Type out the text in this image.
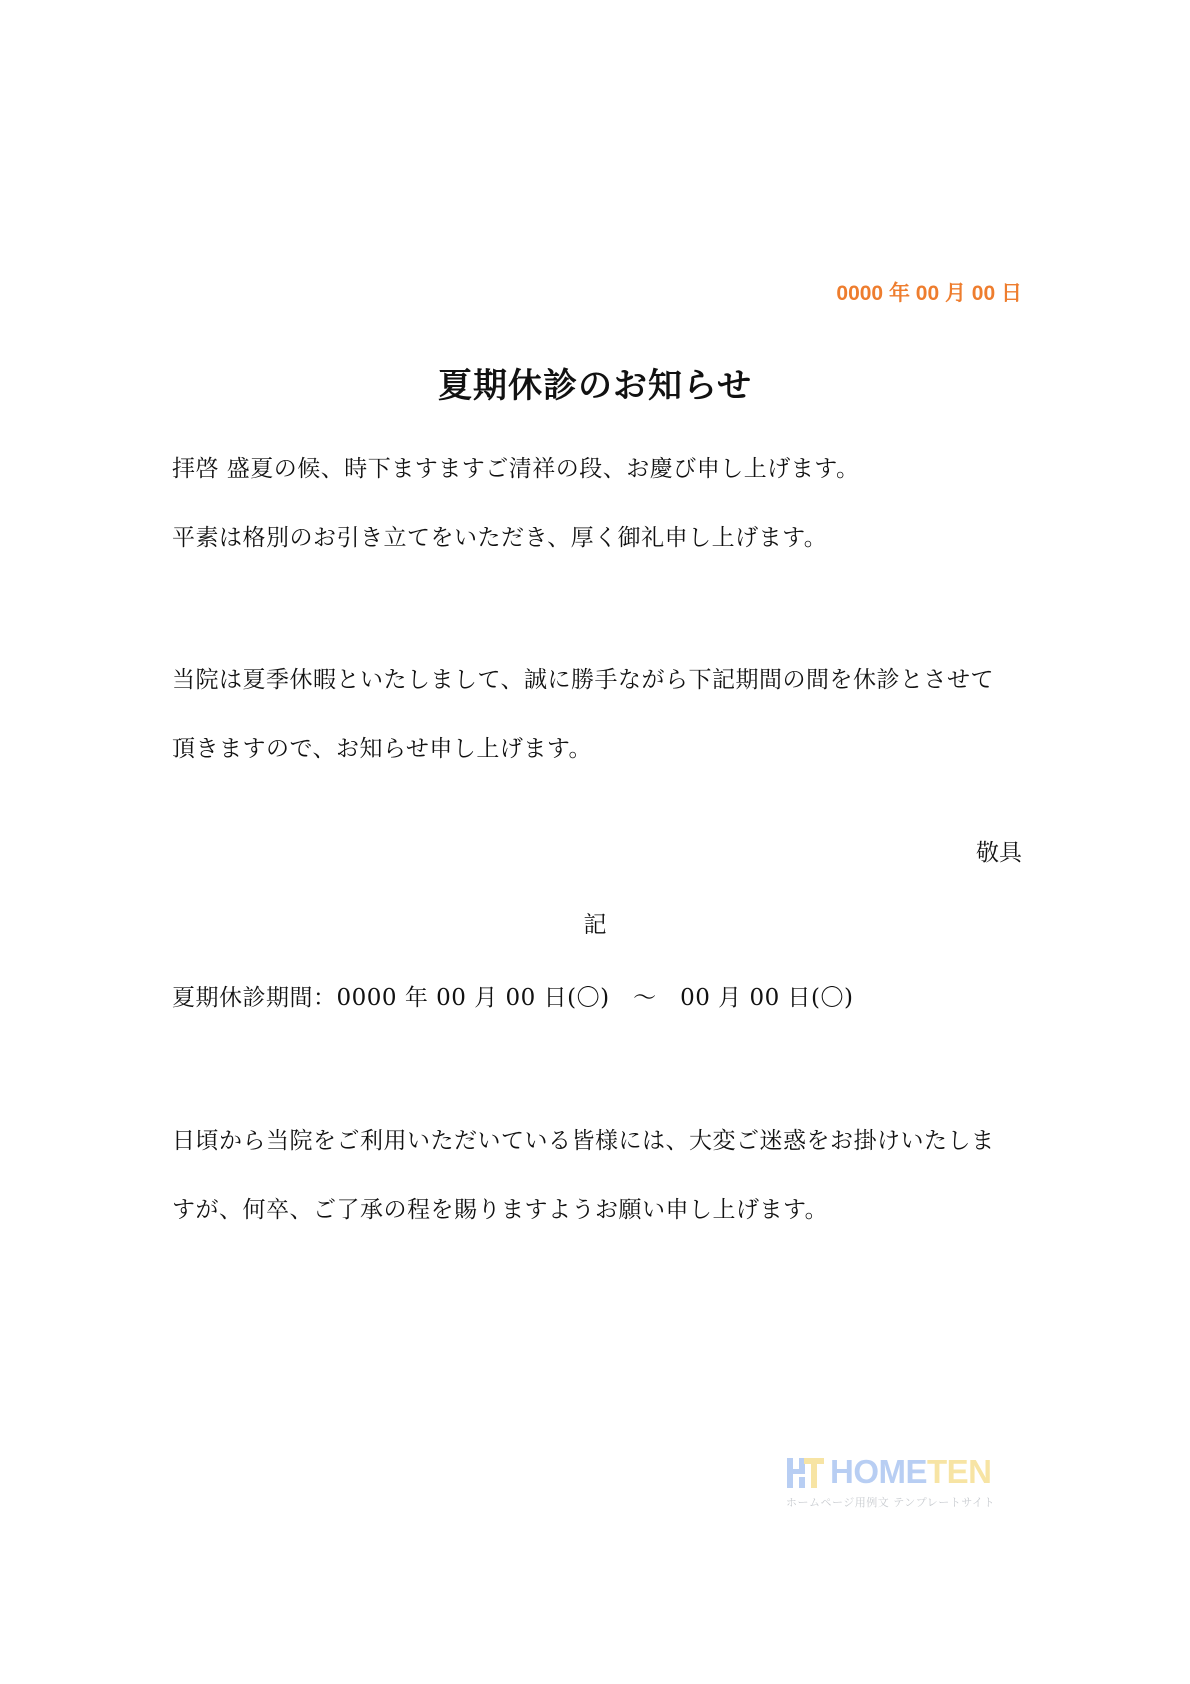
0000 年 00 月 00 日
夏期休診のお知らせ
拝啓 盛夏の候、時下ますますご清祥の段、お慶び申し上げます。
平素は格別のお引き立てをいただき、厚く御礼申し上げます。
当院は夏季休暇といたしまして、誠に勝手ながら下記期間の間を休診とさせて
頂きますので、お知らせ申し上げます。
敬具
記
夏期休診期間：0000 年 00 月 00 日(〇)　～　00 月 00 日(〇)
日頃から当院をご利用いただいている皆様には、大変ご迷惑をお掛けいたしま
すが、何卒、ご了承の程を賜りますようお願い申し上げます。
HOMETEN
ホームページ用例文 テンプレートサイト
